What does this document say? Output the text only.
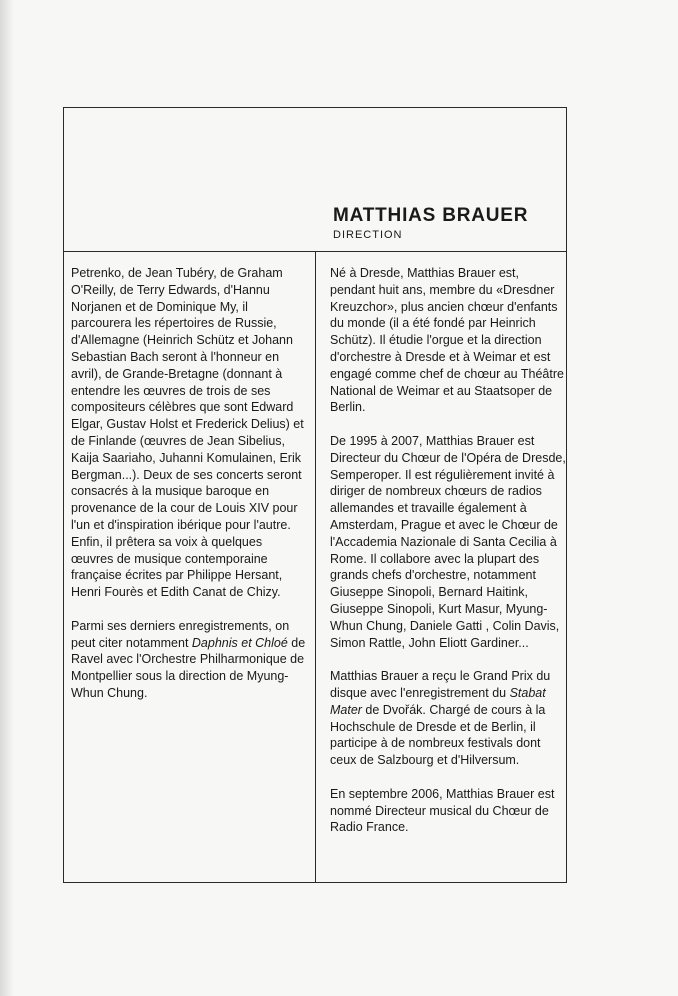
MATTHIAS BRAUER
DIRECTION

Petrenko, de Jean Tubéry, de Graham O'Reilly, de Terry Edwards, d'Hannu Norjanen et de Dominique My, il parcourera les répertoires de Russie, d'Allemagne (Heinrich Schütz et Johann Sebastian Bach seront à l'honneur en avril), de Grande-Bretagne (donnant à entendre les œuvres de trois de ses compositeurs célèbres que sont Edward Elgar, Gustav Holst et Frederick Delius) et de Finlande (œuvres de Jean Sibelius, Kaija Saariaho, Juhanni Komulainen, Erik Bergman...). Deux de ses concerts seront consacrés à la musique baroque en provenance de la cour de Louis XIV pour l'un et d'inspiration ibérique pour l'autre. Enfin, il prêtera sa voix à quelques œuvres de musique contemporaine française écrites par Philippe Hersant, Henri Fourès et Edith Canat de Chizy.

Parmi ses derniers enregistrements, on peut citer notamment Daphnis et Chloé de Ravel avec l'Orchestre Philharmonique de Montpellier sous la direction de Myung-Whun Chung.

Né à Dresde, Matthias Brauer est, pendant huit ans, membre du «Dresdner Kreuzchor», plus ancien chœur d'enfants du monde (il a été fondé par Heinrich Schütz). Il étudie l'orgue et la direction d'orchestre à Dresde et à Weimar et est engagé comme chef de chœur au Théâtre National de Weimar et au Staatsoper de Berlin.

De 1995 à 2007, Matthias Brauer est Directeur du Chœur de l'Opéra de Dresde, Semperoper. Il est régulièrement invité à diriger de nombreux chœurs de radios allemandes et travaille également à Amsterdam, Prague et avec le Chœur de l'Accademia Nazionale di Santa Cecilia à Rome. Il collabore avec la plupart des grands chefs d'orchestre, notamment Giuseppe Sinopoli, Bernard Haitink, Giuseppe Sinopoli, Kurt Masur, Myung-Whun Chung, Daniele Gatti , Colin Davis, Simon Rattle, John Eliott Gardiner...

Matthias Brauer a reçu le Grand Prix du disque avec l'enregistrement du Stabat Mater de Dvořák. Chargé de cours à la Hochschule de Dresde et de Berlin, il participe à de nombreux festivals dont ceux de Salzbourg et d'Hilversum.

En septembre 2006, Matthias Brauer est nommé Directeur musical du Chœur de Radio France.
